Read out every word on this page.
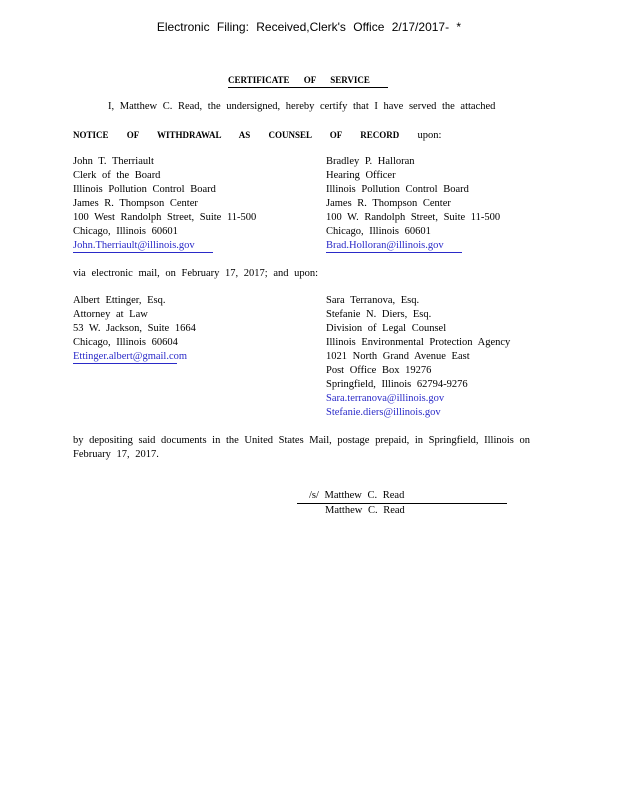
Electronic Filing: Received,Clerk's Office 2/17/2017- *
CERTIFICATE OF SERVICE
I, Matthew C. Read, the undersigned, hereby certify that I have served the attached
NOTICE OF WITHDRAWAL AS COUNSEL OF RECORD upon:
John T. Therriault
Clerk of the Board
Illinois Pollution Control Board
James R. Thompson Center
100 West Randolph Street, Suite 11-500
Chicago, Illinois 60601
John.Therriault@illinois.gov
Bradley P. Halloran
Hearing Officer
Illinois Pollution Control Board
James R. Thompson Center
100 W. Randolph Street, Suite 11-500
Chicago, Illinois 60601
Brad.Holloran@illinois.gov
via electronic mail, on February 17, 2017; and upon:
Albert Ettinger, Esq.
Attorney at Law
53 W. Jackson, Suite 1664
Chicago, Illinois 60604
Ettinger.albert@gmail.com
Sara Terranova, Esq.
Stefanie N. Diers, Esq.
Division of Legal Counsel
Illinois Environmental Protection Agency
1021 North Grand Avenue East
Post Office Box 19276
Springfield, Illinois 62794-9276
Sara.terranova@illinois.gov
Stefanie.diers@illinois.gov
by depositing said documents in the United States Mail, postage prepaid, in Springfield, Illinois on February 17, 2017.
/s/ Matthew C. Read
Matthew C. Read
